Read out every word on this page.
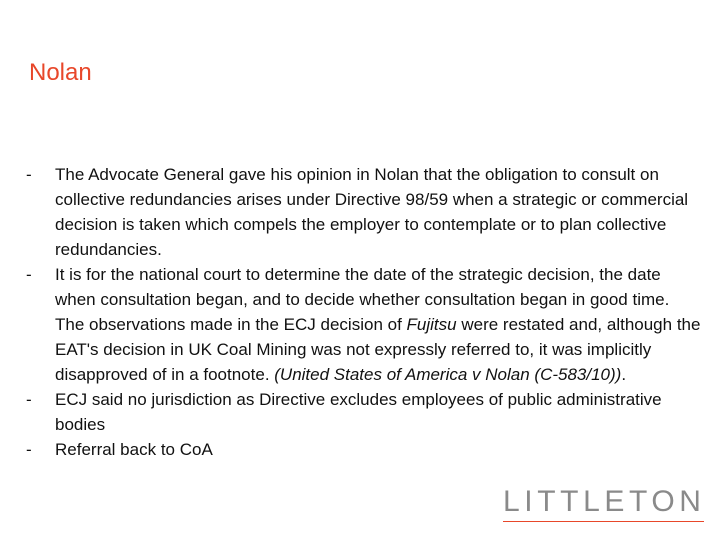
Nolan
-	The Advocate General gave his opinion in Nolan that the obligation to consult on collective redundancies arises under Directive 98/59 when a strategic or commercial decision is taken which compels the employer to contemplate or to plan collective redundancies.
-	It is for the national court to determine the date of the strategic decision, the date when consultation began, and to decide whether consultation began in good time. The observations made in the ECJ decision of Fujitsu were restated and, although the EAT's decision in UK Coal Mining was not expressly referred to, it was implicitly disapproved of in a footnote. (United States of America v Nolan (C-583/10)).
-	ECJ said no jurisdiction as Directive excludes employees of public administrative bodies
-	Referral back to CoA
LITTLETON
